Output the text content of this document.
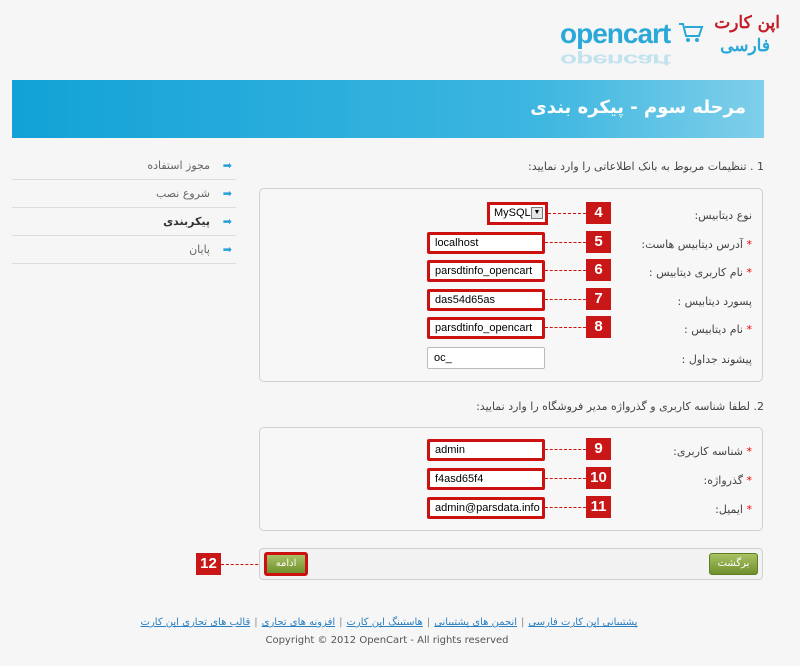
opencart
opencart
اپن کارت
فارسی
مرحله سوم - پیکره بندی
مجوز استفاده ➡
شروع نصب ➡
پیکربندی ➡
پایان ➡
1 . تنظیمات مربوط به بانک اطلاعاتی را وارد نمایید:
نوع دیتابیس:
MySQL ▼
* آدرس دیتابیس هاست:
localhost
* نام کاربری دیتابیس :
parsdtinfo_opencart
پسورد دیتابیس :
das54d65as
* نام دیتابیس :
parsdtinfo_opencart
پیشوند جداول :
oc_
2. لطفا شناسه کاربری و گذرواژه مدیر فروشگاه را وارد نمایید:
* شناسه کاربری:
admin
* گذرواژه:
f4asd65f4
* ایمیل:
admin@parsdata.info
4
5
6
7
8
9
10
11
12	ادامه	برگشت
پشتیبانی اپن کارت فارسی|انجمن های پشتیبانی|هاستینگ اپن کارت|افزونه های تجاری|قالب های تجاری اپن کارت
Copyright © 2012 OpenCart - All rights reserved
